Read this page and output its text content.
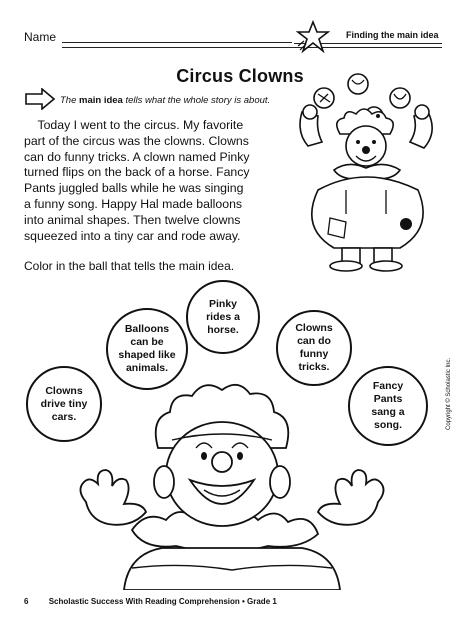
Name	Finding the main idea
Circus Clowns
The main idea tells what the whole story is about.
Today I went to the circus. My favorite
part of the circus was the clowns. Clowns
can do funny tricks. A clown named Pinky
turned flips on the back of a horse. Fancy
Pants juggled balls while he was singing
a funny song. Happy Hal made balloons
into animal shapes. Then twelve clowns
squeezed into a tiny car and rode away.
Color in the ball that tells the main idea.
Pinky
rides a
horse.
Balloons
can be
shaped like
animals.
Clowns
can do
funny
tricks.
Clowns
drive tiny
cars.
Fancy
Pants
sang a
song.	Copyright © Scholastic Inc.
6	Scholastic Success With Reading Comprehension • Grade 1
